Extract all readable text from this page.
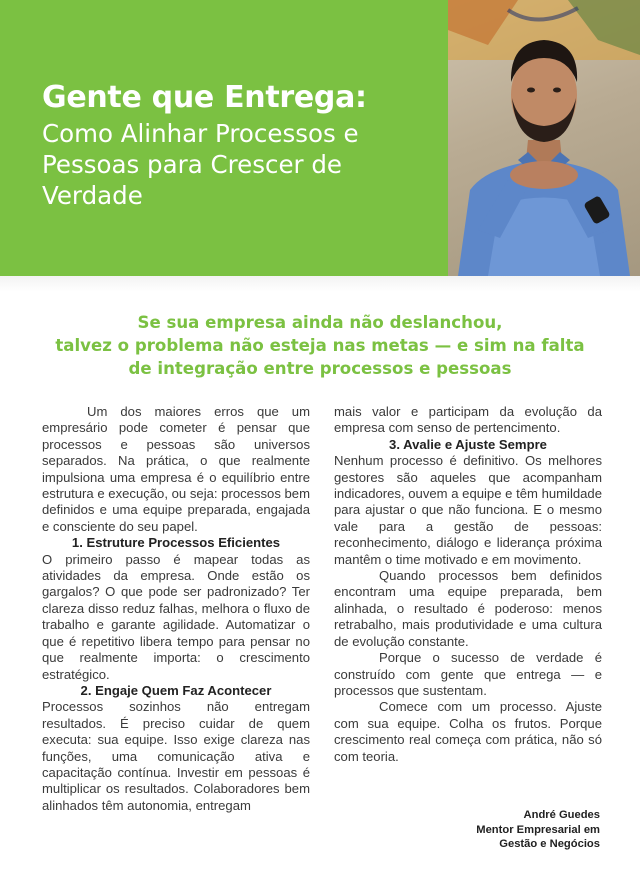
Gente que Entrega:
Como Alinhar Processos e
Pessoas para Crescer de
Verdade
Se sua empresa ainda não deslanchou,
talvez o problema não esteja nas metas — e sim na falta
de integração entre processos e pessoas

Um dos maiores erros que um empresário pode cometer é pensar que processos e pessoas são universos separados. Na prática, o que realmente impulsiona uma empresa é o equilíbrio entre estrutura e execução, ou seja: processos bem definidos e uma equipe preparada, engajada e consciente do seu papel.

1. Estruture Processos Eficientes

O primeiro passo é mapear todas as atividades da empresa. Onde estão os gargalos? O que pode ser padronizado? Ter clareza disso reduz falhas, melhora o fluxo de trabalho e garante agilidade. Automatizar o que é repetitivo libera tempo para pensar no que realmente importa: o crescimento estratégico.

2. Engaje Quem Faz Acontecer

Processos sozinhos não entregam resultados. É preciso cuidar de quem executa: sua equipe. Isso exige clareza nas funções, uma comunicação ativa e capacitação contínua. Investir em pessoas é multiplicar os resultados. Colaboradores bem alinhados têm autonomia, entregam

mais valor e participam da evolução da empresa com senso de pertencimento.

3. Avalie e Ajuste Sempre

Nenhum processo é definitivo. Os melhores gestores são aqueles que acompanham indicadores, ouvem a equipe e têm humildade para ajustar o que não funciona. E o mesmo vale para a gestão de pessoas: reconhecimento, diálogo e liderança próxima mantêm o time motivado e em movimento.

Quando processos bem definidos encontram uma equipe preparada, bem alinhada, o resultado é poderoso: menos retrabalho, mais produtividade e uma cultura de evolução constante.

Porque o sucesso de verdade é construído com gente que entrega — e processos que sustentam.

Comece com um processo. Ajuste com sua equipe. Colha os frutos. Porque crescimento real começa com prática, não só com teoria.

André Guedes
Mentor Empresarial em
Gestão e Negócios
